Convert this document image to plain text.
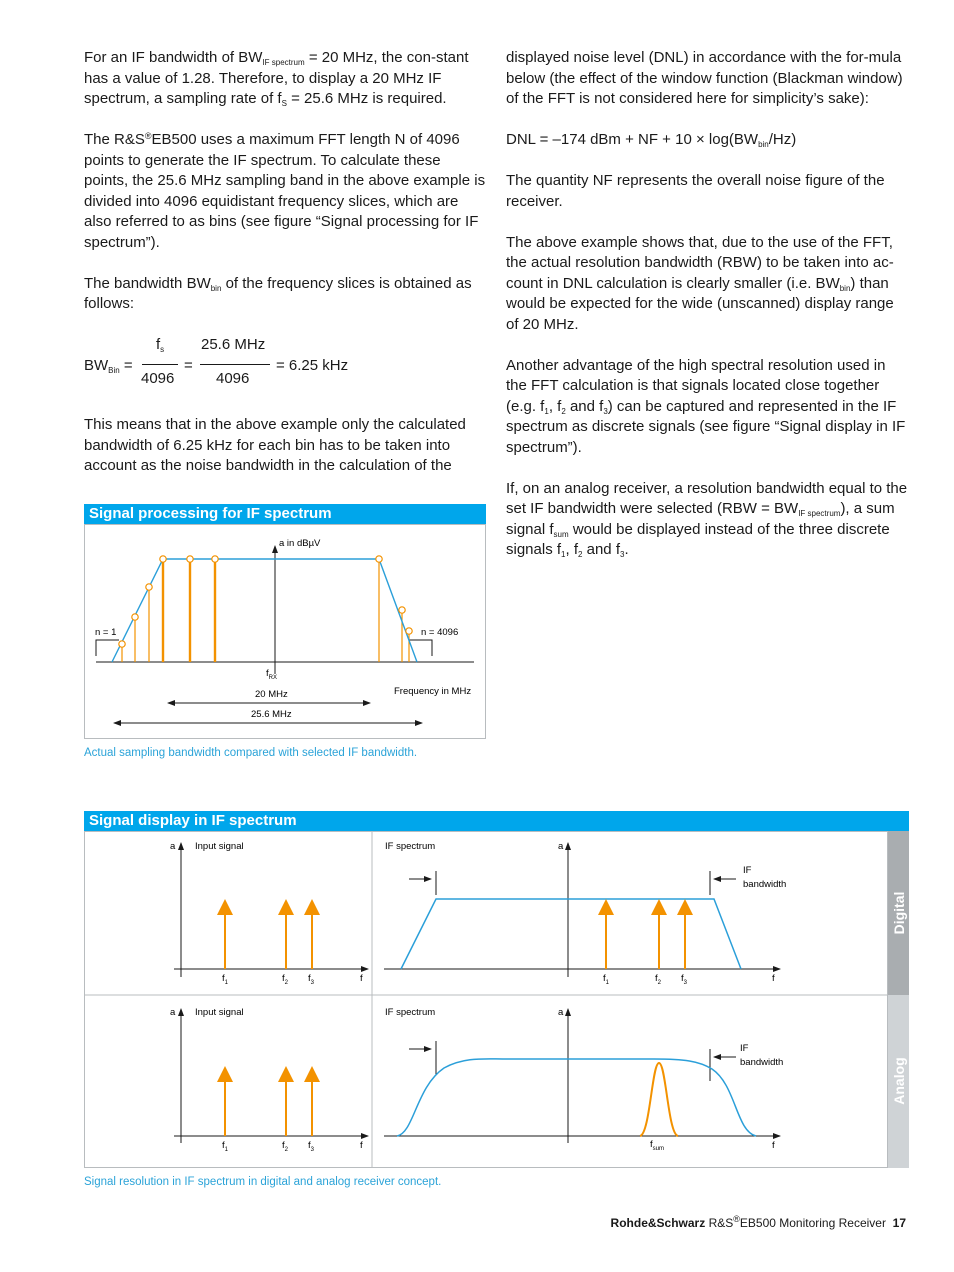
For an IF bandwidth of $BW_{IF spectrum} = 20$ MHz, the con-stant has a value of 1.28. Therefore, to display a 20 MHz IF spectrum, a sampling rate of $f_S = 25.6$ MHz is required.

The R&S®EB500 uses a maximum FFT length N of 4096 points to generate the IF spectrum. To calculate these points, the 25.6 MHz sampling band in the above example is divided into 4096 equidistant frequency slices, which are also referred to as bins (see figure “Signal processing for IF spectrum”).

The bandwidth $BW_{bin}$ of the frequency slices is obtained as follows:

$BW_{Bin}$ =
$f_s$
4096
=
25.6 MHz
4096
= 6.25 kHz

This means that in the above example only the calculated bandwidth of 6.25 kHz for each bin has to be taken into account as the noise bandwidth in the calculation of the

displayed noise level (DNL) in accordance with the for-mula below (the effect of the window function (Blackman window) of the FFT is not considered here for simplicity’s sake):

DNL = –174 dBm + NF + $10 \times \log(BW_{bin}/Hz)$

The quantity NF represents the overall noise figure of the receiver.

The above example shows that, due to the use of the FFT, the actual resolution bandwidth (RBW) to be taken into ac-count in DNL calculation is clearly smaller (i.e. $BW_{bin}$) than would be expected for the wide (unscanned) display range of 20 MHz.

Another advantage of the high spectral resolution used in the FFT calculation is that signals located close together (e.g. $f_1$, $f_2$ and $f_3$) can be captured and represented in the IF spectrum as discrete signals (see figure “Signal display in IF spectrum”).

If, on an analog receiver, a resolution bandwidth equal to the set IF bandwidth were selected $(RBW = BW_{IF spectrum})$, a sum signal $f_{sum}$ would be displayed instead of the three discrete signals $f_1$, $f_2$ and $f_3$.

Signal processing for IF spectrum
a in dBµV
n = 1	n = 4096
$f_{RX}$
Frequency in MHz
20 MHz
25.6 MHz
Actual sampling bandwidth compared with selected IF bandwidth.
Signal display in IF spectrum
Digital
Analog
a Input signal
f
$f_1$	$f_2$ $f_3$
IF spectrum	a
f
IF
bandwidth
$f_1$	$f_2$ $f_3$
a Input signal
f
$f_1$	$f_2$ $f_3$
IF spectrum	a
f
IF
bandwidth
$f_{sum}$
Signal resolution in IF spectrum in digital and analog receiver concept.
Rohde&Schwarz R&S®EB500 Monitoring Receiver 17
